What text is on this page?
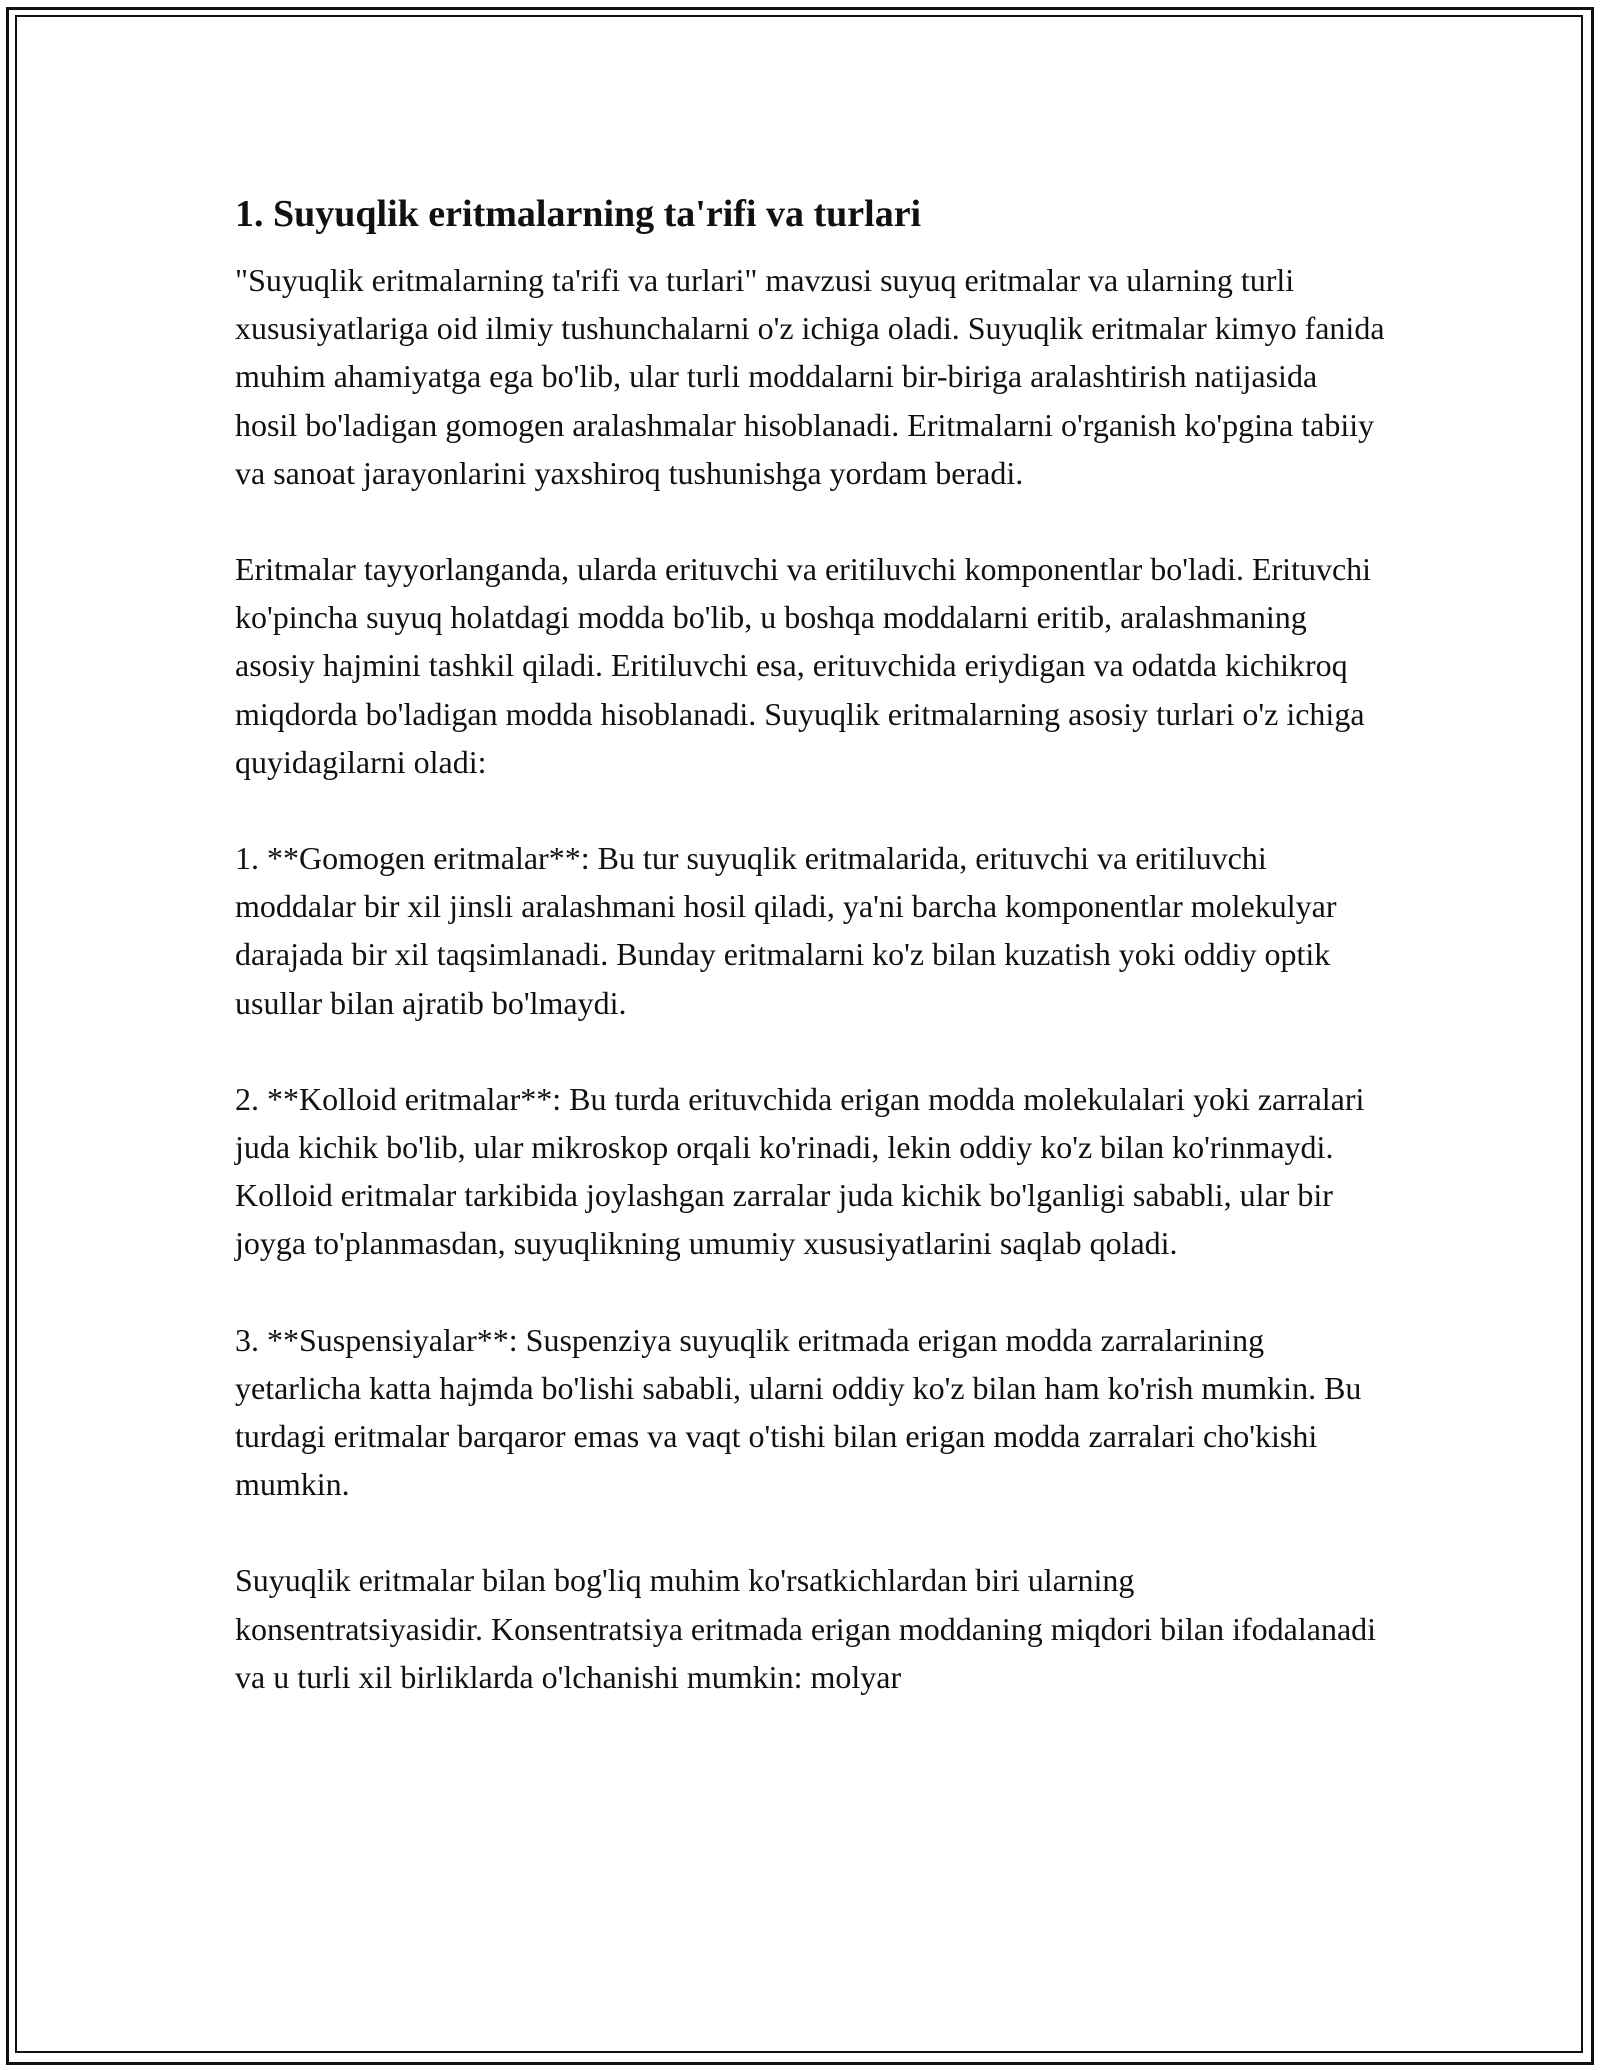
1. Suyuqlik eritmalarning ta'rifi va turlari

"Suyuqlik eritmalarning ta'rifi va turlari" mavzusi suyuq eritmalar va ularning turli xususiyatlariga oid ilmiy tushunchalarni o'z ichiga oladi. Suyuqlik eritmalar kimyo fanida muhim ahamiyatga ega bo'lib, ular turli moddalarni bir-biriga aralashtirish natijasida hosil bo'ladigan gomogen aralashmalar hisoblanadi. Eritmalarni o'rganish ko'pgina tabiiy va sanoat jarayonlarini yaxshiroq tushunishga yordam beradi.

Eritmalar tayyorlanganda, ularda erituvchi va eritiluvchi komponentlar bo'ladi. Erituvchi ko'pincha suyuq holatdagi modda bo'lib, u boshqa moddalarni eritib, aralashmaning asosiy hajmini tashkil qiladi. Eritiluvchi esa, erituvchida eriydigan va odatda kichikroq miqdorda bo'ladigan modda hisoblanadi. Suyuqlik eritmalarning asosiy turlari o'z ichiga quyidagilarni oladi:

1. **Gomogen eritmalar**: Bu tur suyuqlik eritmalarida, erituvchi va eritiluvchi moddalar bir xil jinsli aralashmani hosil qiladi, ya'ni barcha komponentlar molekulyar darajada bir xil taqsimlanadi. Bunday eritmalarni ko'z bilan kuzatish yoki oddiy optik usullar bilan ajratib bo'lmaydi.

2. **Kolloid eritmalar**: Bu turda erituvchida erigan modda molekulalari yoki zarralari juda kichik bo'lib, ular mikroskop orqali ko'rinadi, lekin oddiy ko'z bilan ko'rinmaydi. Kolloid eritmalar tarkibida joylashgan zarralar juda kichik bo'lganligi sababli, ular bir joyga to'planmasdan, suyuqlikning umumiy xususiyatlarini saqlab qoladi.

3. **Suspensiyalar**: Suspenziya suyuqlik eritmada erigan modda zarralarining yetarlicha katta hajmda bo'lishi sababli, ularni oddiy ko'z bilan ham ko'rish mumkin. Bu turdagi eritmalar barqaror emas va vaqt o'tishi bilan erigan modda zarralari cho'kishi mumkin.

Suyuqlik eritmalar bilan bog'liq muhim ko'rsatkichlardan biri ularning konsentratsiyasidir. Konsentratsiya eritmada erigan moddaning miqdori bilan ifodalanadi va u turli xil birliklarda o'lchanishi mumkin: molyar
